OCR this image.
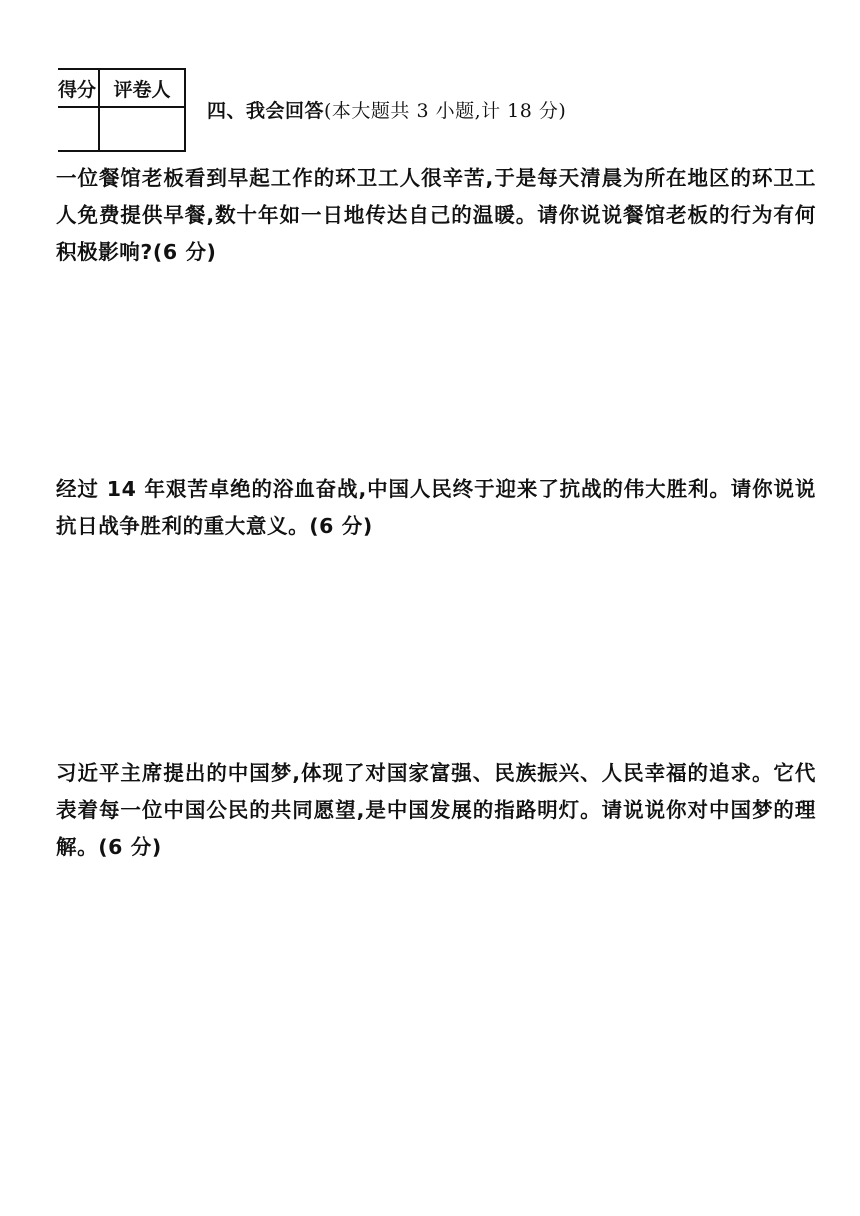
得分	评卷人

四、我会回答(本大题共 3 小题,计 18 分)

一位餐馆老板看到早起工作的环卫工人很辛苦,于是每天清晨为所在地区的环卫工人免费提供早餐,数十年如一日地传达自己的温暖。请你说说餐馆老板的行为有何积极影响?(6 分)

经过 14 年艰苦卓绝的浴血奋战,中国人民终于迎来了抗战的伟大胜利。请你说说抗日战争胜利的重大意义。(6 分)

习近平主席提出的中国梦,体现了对国家富强、民族振兴、人民幸福的追求。它代表着每一位中国公民的共同愿望,是中国发展的指路明灯。请说说你对中国梦的理解。(6 分)
